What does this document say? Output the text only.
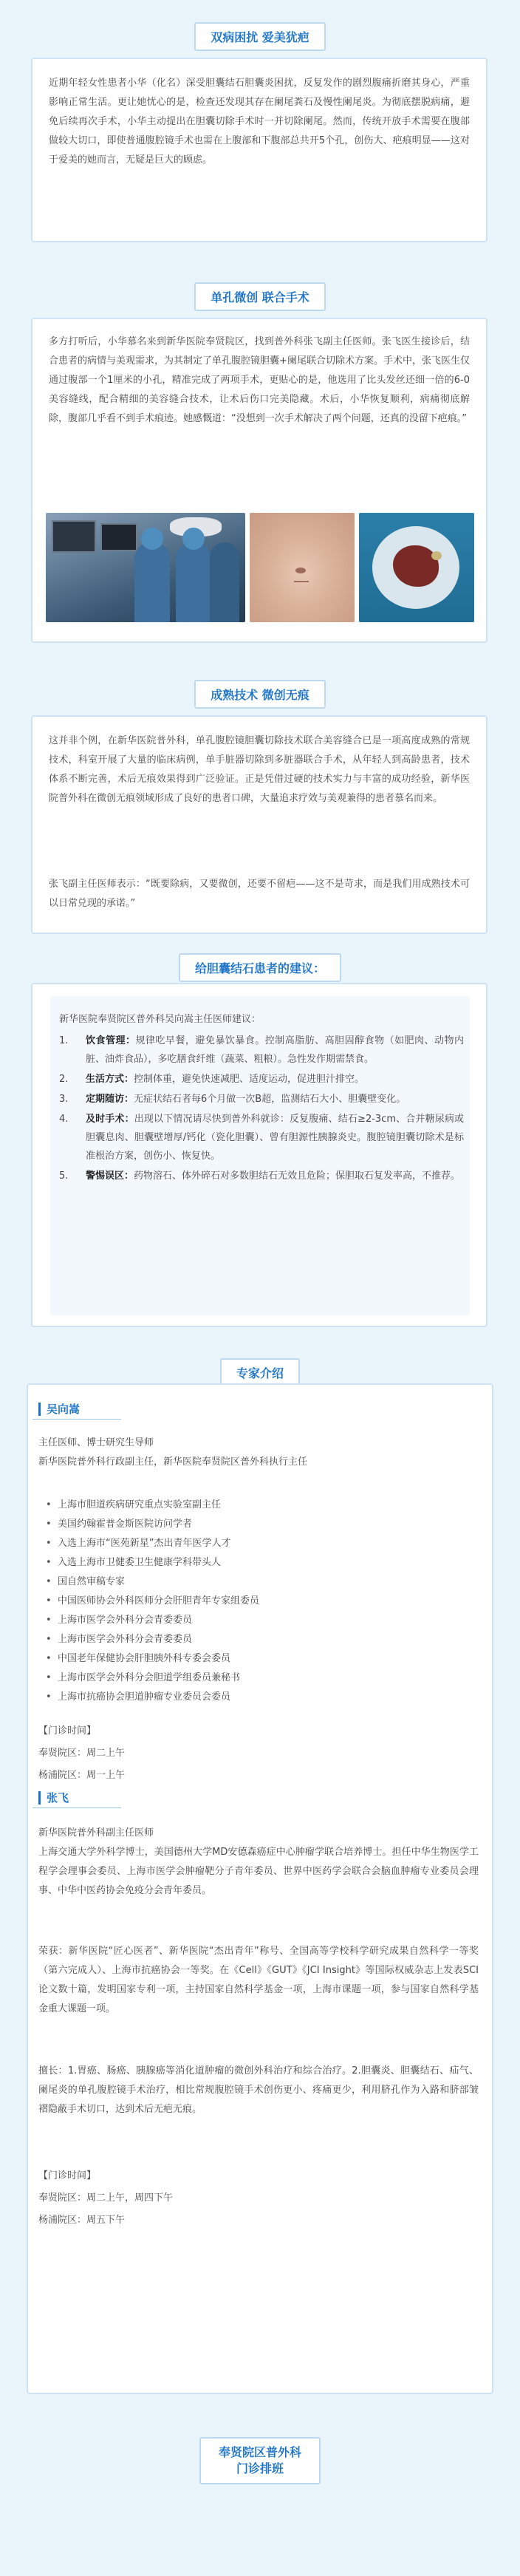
双病困扰 爱美犹疤

近期年轻女性患者小华（化名）深受胆囊结石胆囊炎困扰，反复发作的剧烈腹痛折磨其身心，严重影响正常生活。更让她忧心的是，检查还发现其存在阑尾粪石及慢性阑尾炎。为彻底摆脱病痛，避免后续再次手术，小华主动提出在胆囊切除手术时一并切除阑尾。然而，传统开放手术需要在腹部做较大切口，即使普通腹腔镜手术也需在上腹部和下腹部总共开5个孔，创伤大、疤痕明显——这对于爱美的她而言，无疑是巨大的顾虑。

单孔微创 联合手术

多方打听后，小华慕名来到新华医院奉贤院区，找到普外科张飞副主任医师。张飞医生接诊后，结合患者的病情与美观需求，为其制定了单孔腹腔镜胆囊+阑尾联合切除术方案。手术中，张飞医生仅通过腹部一个1厘米的小孔，精准完成了两项手术，更贴心的是，他选用了比头发丝还细一倍的6-0美容缝线，配合精细的美容缝合技术，让术后伤口完美隐藏。术后，小华恢复顺利，病痛彻底解除，腹部几乎看不到手术痕迹。她感慨道：“没想到一次手术解决了两个问题，还真的没留下疤痕。”

成熟技术 微创无痕

这并非个例，在新华医院普外科，单孔腹腔镜胆囊切除技术联合美容缝合已是一项高度成熟的常规技术，科室开展了大量的临床病例，单手脏器切除到多脏器联合手术，从年轻人到高龄患者，技术体系不断完善，术后无痕效果得到广泛验证。正是凭借过硬的技术实力与丰富的成功经验，新华医院普外科在微创无痕领域形成了良好的患者口碑，大量追求疗效与美观兼得的患者慕名而来。

张飞副主任医师表示：“既要除病，又要微创，还要不留疤——这不是苛求，而是我们用成熟技术可以日常兑现的承诺。”

给胆囊结石患者的建议：

新华医院奉贤院区普外科吴向嵩主任医师建议：

1.	饮食管理：规律吃早餐，避免暴饮暴食。控制高脂肪、高胆固醇食物（如肥肉、动物内脏、油炸食品），多吃膳食纤维（蔬菜、粗粮）。急性发作期需禁食。
2.	生活方式：控制体重，避免快速减肥、适度运动，促进胆汁排空。
3.	定期随访：无症状结石者每6个月做一次B超，监测结石大小、胆囊壁变化。
4.	及时手术：出现以下情况请尽快到普外科就诊：反复腹痛、结石≥2-3cm、合并糖尿病或胆囊息肉、胆囊壁增厚/钙化（瓷化胆囊）、曾有胆源性胰腺炎史。腹腔镜胆囊切除术是标准根治方案，创伤小、恢复快。
5.	警惕误区：药物溶石、体外碎石对多数胆结石无效且危险；保胆取石复发率高，不推荐。
专家介绍
吴向嵩

主任医师、博士研究生导师
新华医院普外科行政副主任，新华医院奉贤院区普外科执行主任

• 上海市胆道疾病研究重点实验室副主任
• 美国约翰霍普金斯医院访问学者
• 入选上海市“医苑新星”杰出青年医学人才
• 入选上海市卫健委卫生健康学科带头人
• 国自然审稿专家
• 中国医师协会外科医师分会肝胆青年专家组委员
• 上海市医学会外科分会青委委员
• 上海市医学会外科分会青委委员
• 中国老年保健协会肝胆胰外科专委会委员
• 上海市医学会外科分会胆道学组委员兼秘书
• 上海市抗癌协会胆道肿瘤专业委员会委员

【门诊时间】

奉贤院区：周二上午

杨浦院区：周一上午

张飞

新华医院普外科副主任医师
上海交通大学外科学博士，美国德州大学MD安德森癌症中心肿瘤学联合培养博士。担任中华生物医学工程学会理事会委员、上海市医学会肿瘤靶分子青年委员、世界中医药学会联合会脑血肿瘤专业委员会理事、中华中医药协会免疫分会青年委员。

荣获：新华医院“匠心医者”、新华医院“杰出青年”称号、全国高等学校科学研究成果自然科学一等奖（第六完成人）、上海市抗癌协会一等奖。在《Cell》《GUT》《JCI Insight》等国际权威杂志上发表SCI论文数十篇，发明国家专利一项，主持国家自然科学基金一项，上海市课题一项，参与国家自然科学基金重大课题一项。

擅长：1.胃癌、肠癌、胰腺癌等消化道肿瘤的微创外科治疗和综合治疗。2.胆囊炎、胆囊结石、疝气、阑尾炎的单孔腹腔镜手术治疗，相比常规腹腔镜手术创伤更小、疼痛更少，利用脐孔作为入路和脐部皱褶隐蔽手术切口，达到术后无疤无痕。

【门诊时间】

奉贤院区：周二上午，周四下午

杨浦院区：周五下午

奉贤院区普外科
门诊排班
